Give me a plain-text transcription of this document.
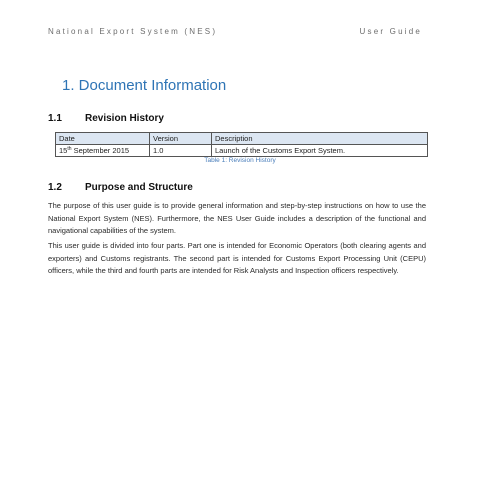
National Export System (NES)	User Guide
1. Document Information
1.1 Revision History
Date	Version	Description
15th September 2015	1.0	Launch of the Customs Export System.
Table 1: Revision History
1.2 Purpose and Structure

The purpose of this user guide is to provide general information and step-by-step instructions on how to use the National Export System (NES). Furthermore, the NES User Guide includes a description of the functional and navigational capabilities of the system.

This user guide is divided into four parts. Part one is intended for Economic Operators (both clearing agents and exporters) and Customs registrants. The second part is intended for Customs Export Processing Unit (CEPU) officers, while the third and fourth parts are intended for Risk Analysts and Inspection officers respectively.
